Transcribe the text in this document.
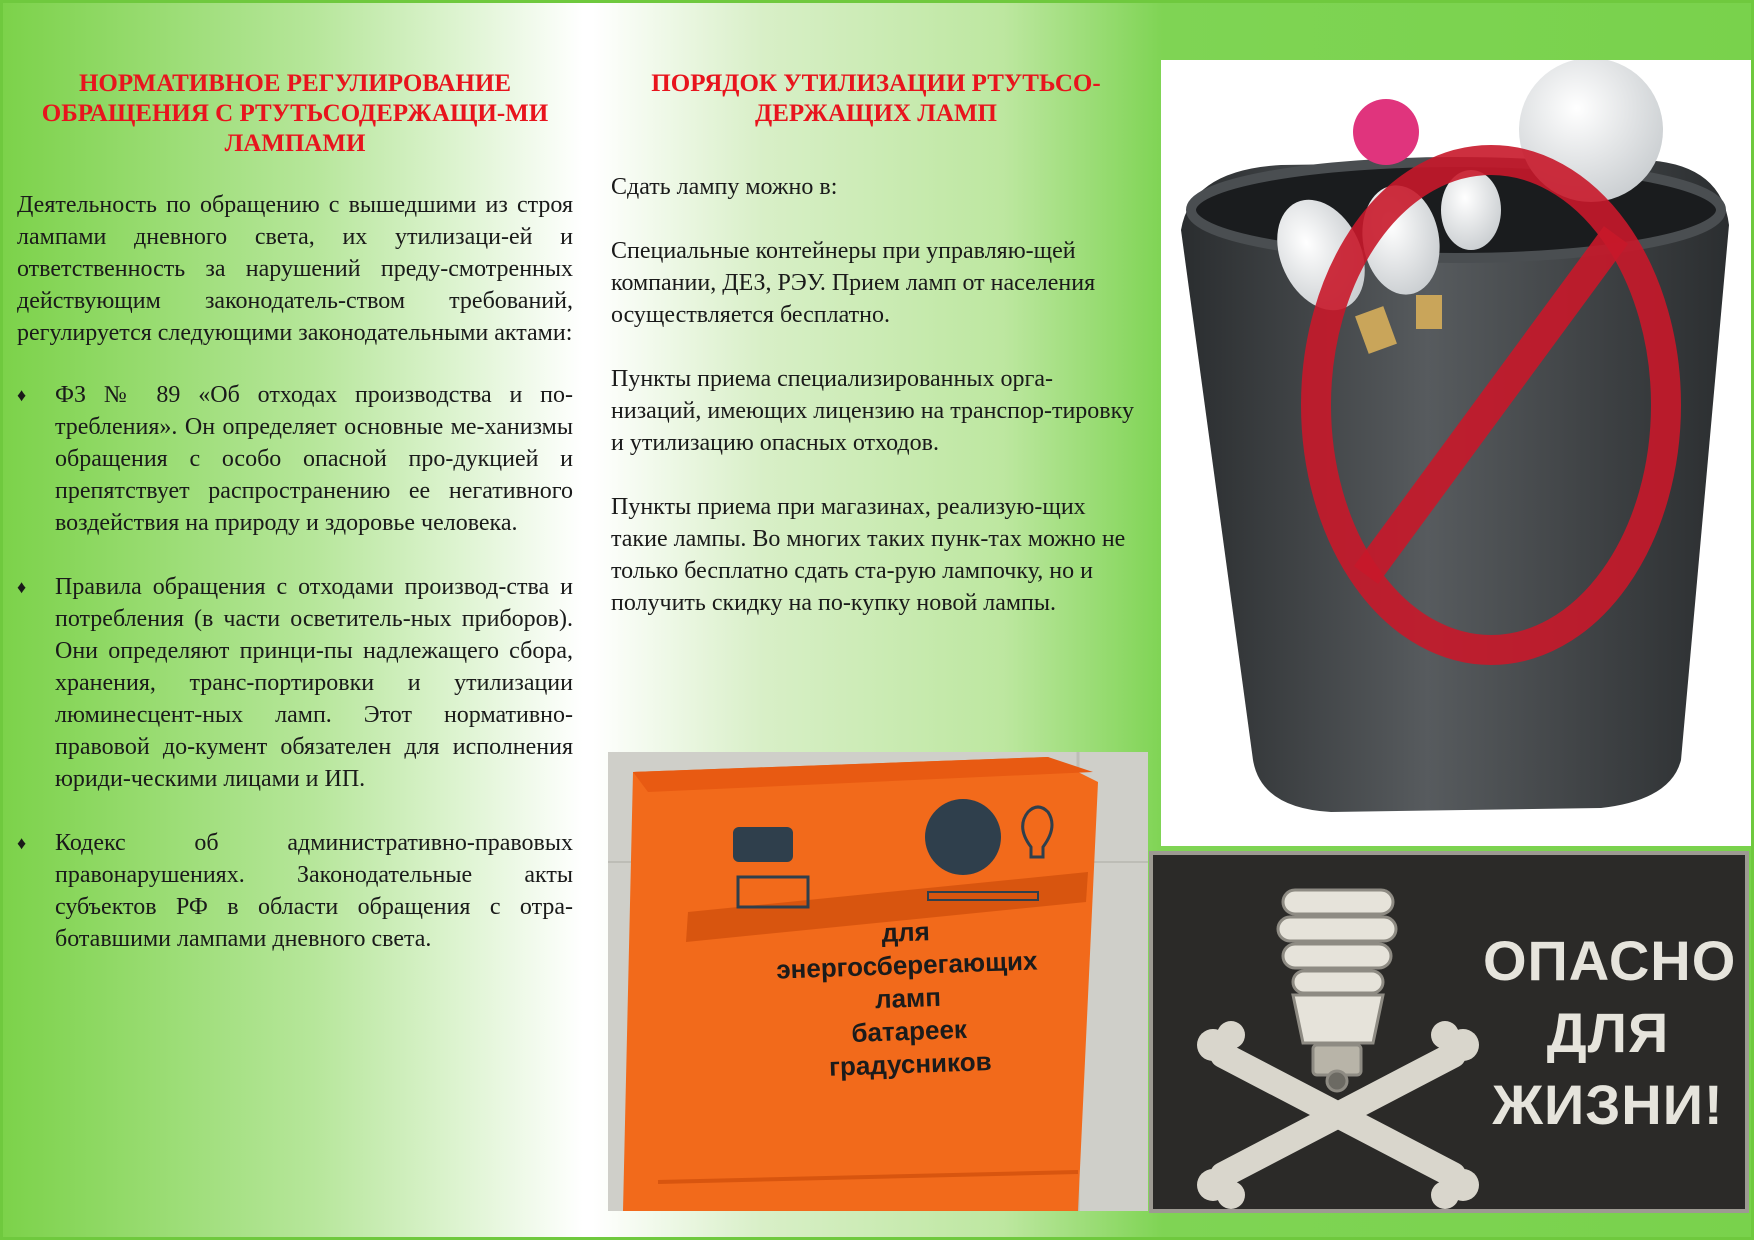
НОРМАТИВНОЕ РЕГУЛИРОВАНИЕ ОБРАЩЕНИЯ С РТУТЬСОДЕРЖАЩИ-МИ ЛАМПАМИ

Деятельность по обращению с вышедшими из строя лампами дневного света, их утилизаци-ей и ответственность за нарушений преду-смотренных действующим законодатель-ством требований, регулируется следующими законодательными актами:

♦ ФЗ № 89 «Об отходах производства и по-требления». Он определяет основные ме-ханизмы обращения с особо опасной про-дукцией и препятствует распространению ее негативного воздействия на природу и здоровье человека.
♦ Правила обращения с отходами производ-ства и потребления (в части осветитель-ных приборов). Они определяют принци-пы надлежащего сбора, хранения, транс-портировки и утилизации люминесцент-ных ламп. Этот нормативно-правовой до-кумент обязателен для исполнения юриди-ческими лицами и ИП.
♦ Кодекс об административно-правовых правонарушениях. Законодательные акты субъектов РФ в области обращения с отра-ботавшими лампами дневного света.
ПОРЯДОК УТИЛИЗАЦИИ РТУТЬСО-ДЕРЖАЩИХ ЛАМП

Сдать лампу можно в:

Специальные контейнеры при управляю-щей компании, ДЕЗ, РЭУ. Прием ламп от населения осуществляется бесплатно.

Пункты приема специализированных орга-низаций, имеющих лицензию на транспор-тировку и утилизацию опасных отходов.

Пункты приема при магазинах, реализую-щих такие лампы. Во многих таких пунк-тах можно не только бесплатно сдать ста-рую лампочку, но и получить скидку на по-купку новой лампы.

для
энергосберегающих
ламп
батареек
градусников
ОПАСНО
ДЛЯ
ЖИЗНИ!
